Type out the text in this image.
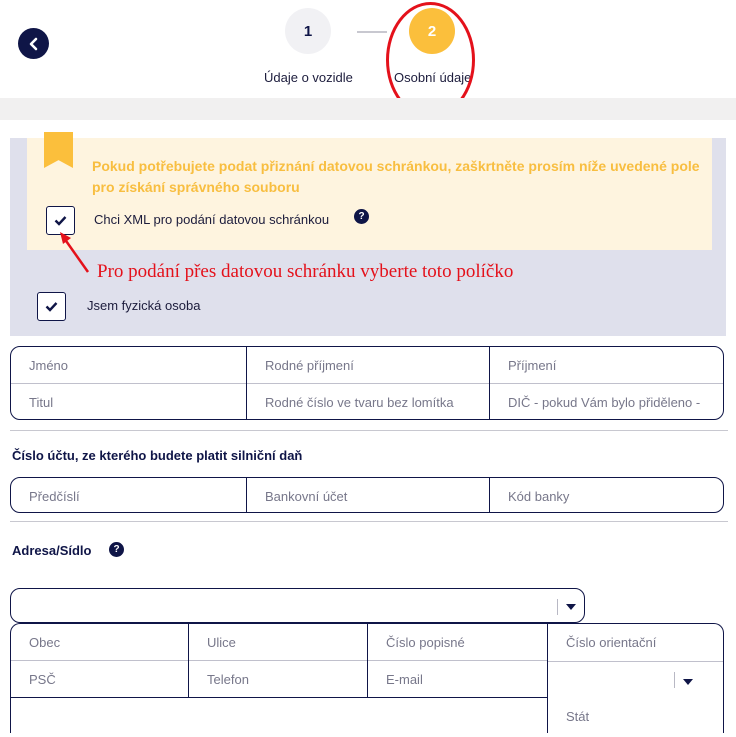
1	2
Údaje o vozidle	Osobní údaje
Pokud potřebujete podat přiznání datovou schránkou, zaškrtněte prosím níže uvedené pole pro získání správného souboru
Chci XML pro podání datovou schránkou	?
Pro podání přes datovou schránku vyberte toto políčko
Jsem fyzická osoba
Jméno	Rodné příjmení	Příjmení
Titul	Rodné číslo ve tvaru bez lomítka	DIČ - pokud Vám bylo přiděleno -
Číslo účtu, ze kterého budete platit silniční daň
Předčíslí	Bankovní účet	Kód banky
Adresa/Sídlo	?
Obec	Ulice	Číslo popisné	Číslo orientační
PSČ	Telefon	E-mail
Stát
